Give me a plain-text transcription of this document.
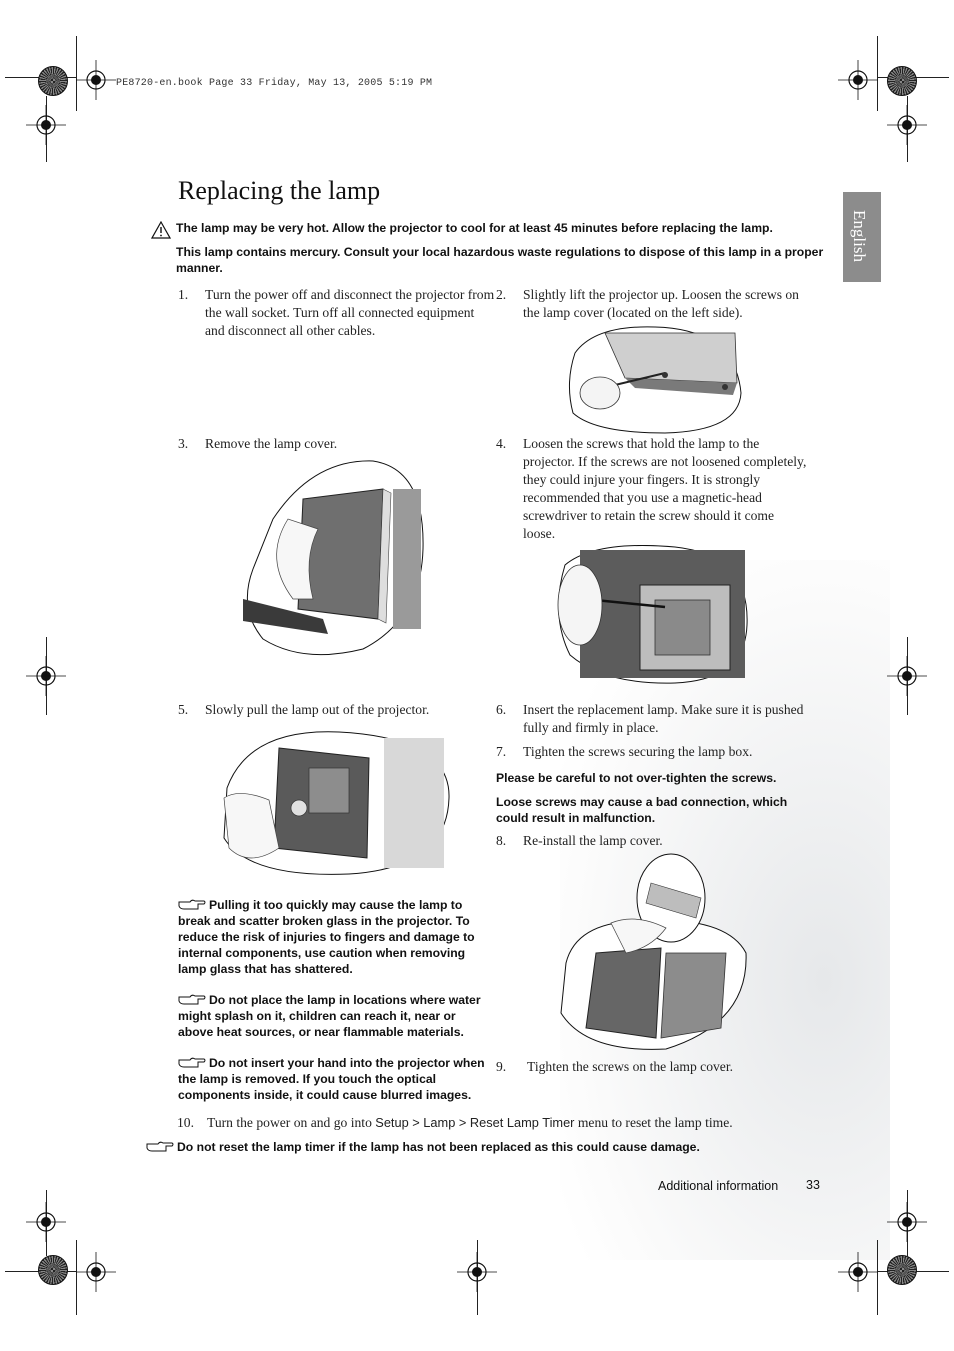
PE8720-en.book Page 33 Friday, May 13, 2005 5:19 PM
English
Replacing the lamp
The lamp may be very hot. Allow the projector to cool for at least 45 minutes before replacing the lamp.
This lamp contains mercury. Consult your local hazardous waste regulations to dispose of this lamp in a proper manner.
1. Turn the power off and disconnect the projector from the wall socket. Turn off all connected equipment and disconnect all other cables.
2. Slightly lift the projector up. Loosen the screws on the lamp cover (located on the left side).
3. Remove the lamp cover.	4. Loosen the screws that hold the lamp to the projector. If the screws are not loosened completely, they could injure your fingers. It is strongly recommended that you use a magnetic-head screwdriver to retain the screw should it come loose.
5. Slowly pull the lamp out of the projector.	6. Insert the replacement lamp. Make sure it is pushed fully and firmly in place.
7. Tighten the screws securing the lamp box.
Please be careful to not over-tighten the screws.
Loose screws may cause a bad connection, which could result in malfunction.
8. Re-install the lamp cover.
9. Tighten the screws on the lamp cover.
Pulling it too quickly may cause the lamp to break and scatter broken glass in the projector. To reduce the risk of injuries to fingers and damage to internal components, use caution when removing lamp glass that has shattered.
Do not place the lamp in locations where water might splash on it, children can reach it, near or above heat sources, or near flammable materials.
Do not insert your hand into the projector when the lamp is removed. If you touch the optical components inside, it could cause blurred images.
10. Turn the power on and go into Setup > Lamp > Reset Lamp Timer menu to reset the lamp time.
Do not reset the lamp timer if the lamp has not been replaced as this could cause damage.
Additional information 33
